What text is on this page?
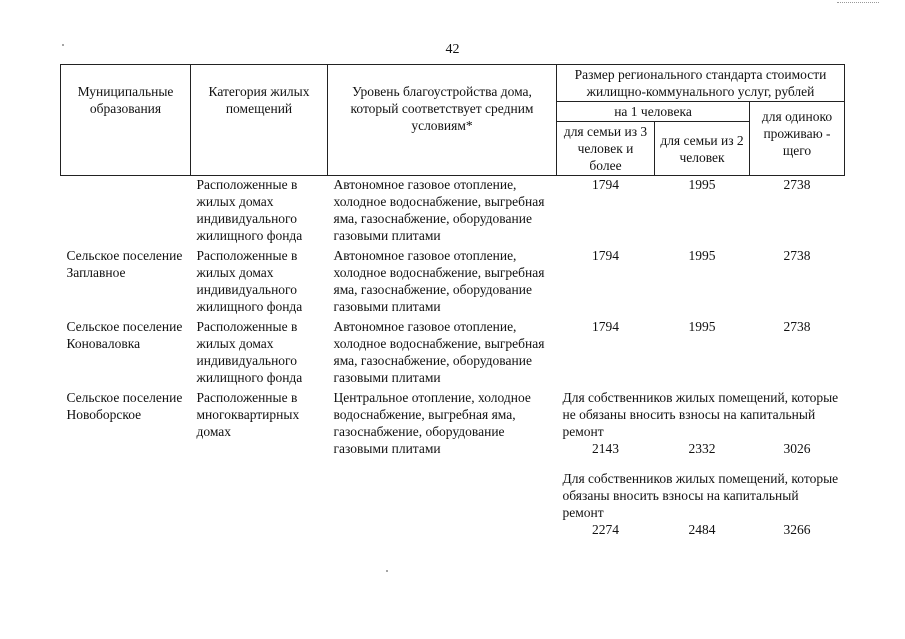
42
Муниципальные образования	Категория жилых помещений	Уровень благоустройства дома, который соответствует средним условиям*	Размер регионального стандарта стоимости жилищно-коммунального услуг, рублей		
			на 1 человека		для одиноко проживаю - щего
			для семьи из 3 человек и более	для семьи из 2 человек	
	Расположенные в жилых домах индивидуального жилищного фонда	Автономное газовое отопление, холодное водоснабжение, выгребная яма, газоснабжение, оборудование газовыми плитами	1794	1995	2738
Сельское поселение Заплавное	Расположенные в жилых домах индивидуального жилищного фонда	Автономное газовое отопление, холодное водоснабжение, выгребная яма, газоснабжение, оборудование газовыми плитами	1794	1995	2738
Сельское поселение Коноваловка	Расположенные в жилых домах индивидуального жилищного фонда	Автономное газовое отопление, холодное водоснабжение, выгребная яма, газоснабжение, оборудование газовыми плитами	1794	1995	2738
Сельское поселение Новоборское	Расположенные в многоквартирных домах	Центральное отопление, холодное водоснабжение, выгребная яма, газоснабжение, оборудование газовыми плитами	Для собственников жилых помещений, которые не обязаны вносить взносы на капитальный ремонт		
			2143	2332	3026
			Для собственников жилых помещений, которые обязаны вносить взносы на капитальный ремонт		
			2274	2484	3266
